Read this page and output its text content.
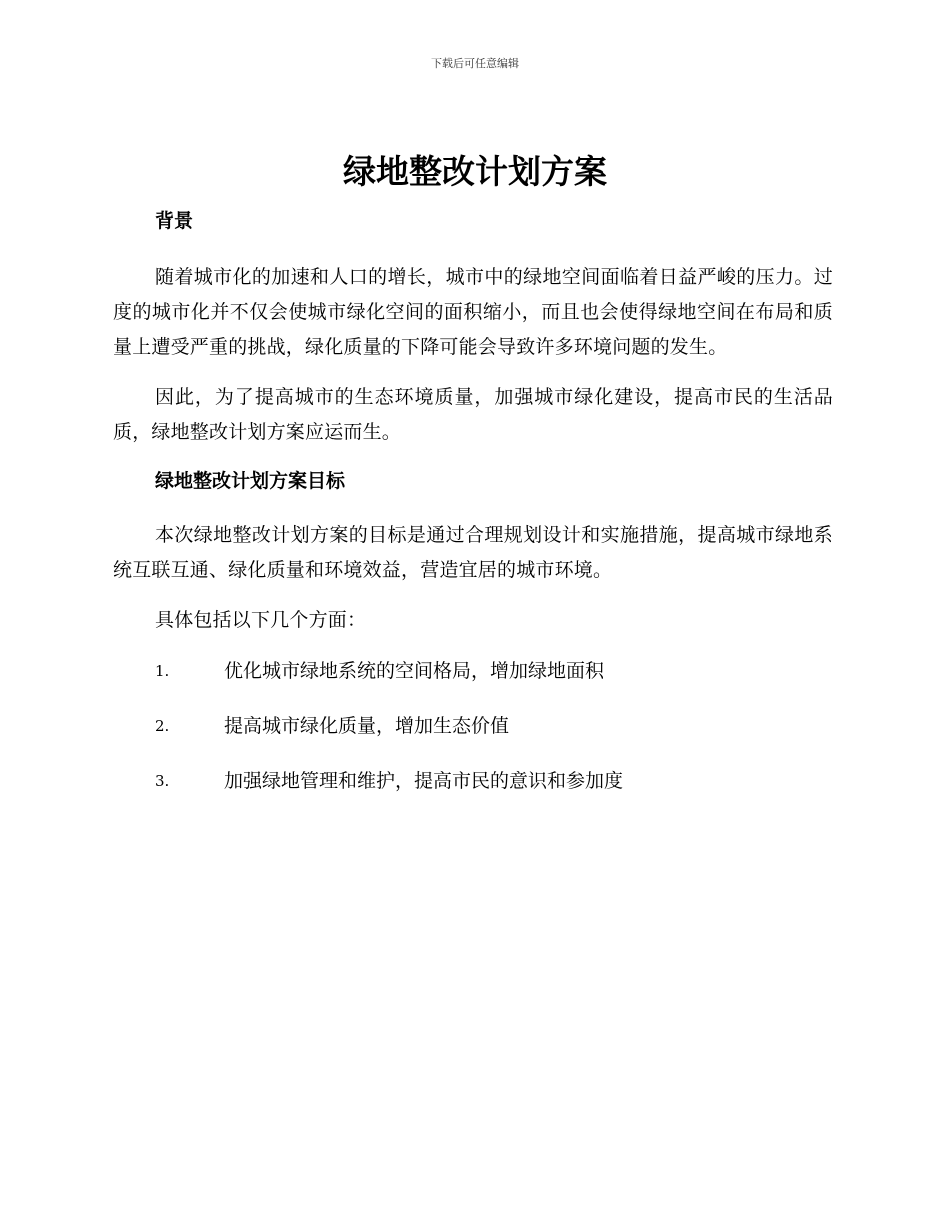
下载后可任意编辑
绿地整改计划方案
背景

随着城市化的加速和人口的增长，城市中的绿地空间面临着日益严峻的压力。过度的城市化并不仅会使城市绿化空间的面积缩小，而且也会使得绿地空间在布局和质量上遭受严重的挑战，绿化质量的下降可能会导致许多环境问题的发生。

因此，为了提高城市的生态环境质量，加强城市绿化建设，提高市民的生活品质，绿地整改计划方案应运而生。

绿地整改计划方案目标

本次绿地整改计划方案的目标是通过合理规划设计和实施措施，提高城市绿地系统互联互通、绿化质量和环境效益，营造宜居的城市环境。

具体包括以下几个方面：

1.	优化城市绿地系统的空间格局，增加绿地面积
2.	提高城市绿化质量，增加生态价值
3.	加强绿地管理和维护，提高市民的意识和参加度
